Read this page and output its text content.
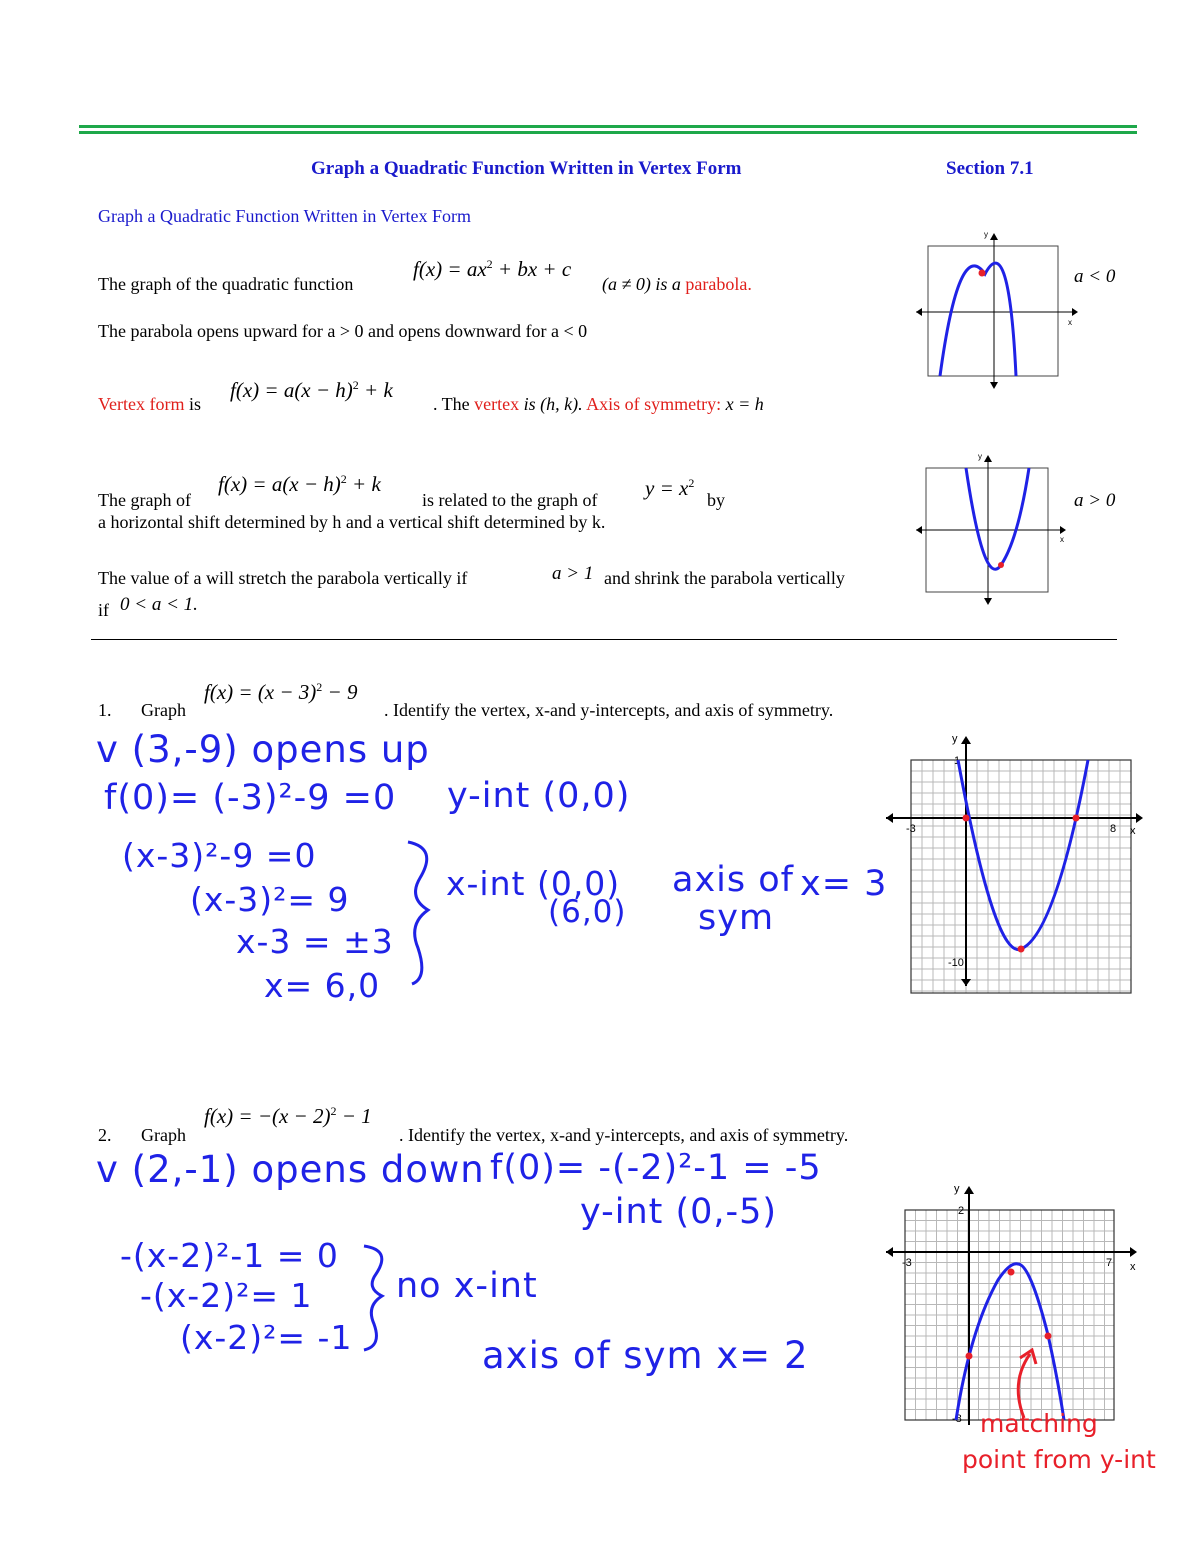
Graph a Quadratic Function Written in Vertex Form	Section 7.1
Graph a Quadratic Function Written in Vertex Form
The graph of the quadratic function
$f(x) = ax^2$ + bx + c
(a ≠ 0) is a parabola.
The parabola opens upward for a > 0 and opens downward for a < 0
Vertex form is
$f(x) = a(x - h)^2 + k$
. The vertex is (h, k). Axis of symmetry: x = h
The graph of
$f(x) = a(x - h)^2 + k$
is related to the graph of $y = x^2$
by
a horizontal shift determined by h and a vertical shift determined by k.
The value of a will stretch the parabola vertically if	a > 1 and shrink the parabola vertically
if 0 < a < 1.
y
x
a < 0
y
x
a > 0
1. Graph
$f(x) = (x - 3)^2 - 9$
. Identify the vertex, x-and y-intercepts, and axis of symmetry.
v (3,-9) opens up
f(0)= (-3)²-9 =0 y-int (0,0)
(x-3)²-9 =0
(x-3)²= 9
x-3 = ±3
x= 6,0
x-int (0,0)
(6,0)
axis of
sym
x= 3
y
x
1
-10
-3	8
2. Graph
$f(x) = -(x - 2)^2 - 1$
. Identify the vertex, x-and y-intercepts, and axis of symmetry.
v (2,-1) opens down f(0)= -(-2)²-1 = -5
y-int (0,-5)
-(x-2)²-1 = 0
-(x-2)²= 1
(x-2)²= -1
no x-int
axis of sym x= 2
y
x
2
-8
-3	7
matching
point from y-int
